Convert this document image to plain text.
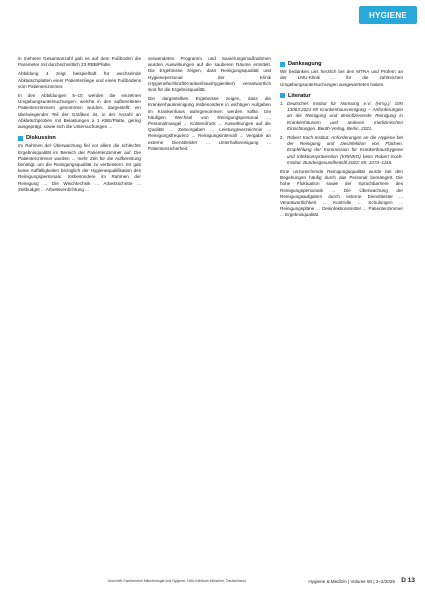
HYGIENE

in mehrere Gesamtanzahl gab es auf dem Fußboden die Parameter mit durchschnittlich 23 RBB/Platte.

Abbildung 4 zeigt beispielhaft für wechselnde Abklatschplatten einer Patientenliege und eines Fußbodens vom Patientenzimmer.

In den Abbildungen 5–10 werden die einzelnen Umgebungsuntersuchungen, welche in den aufbereiteten Patientenzimmern genommen wurden, dargestellt: ein überwiegender Teil der Grafiken ist, in der Anzahl an Abklatschproben mit Belastungen ≥ 1 KBE/Platte, gering ausgeprägt, sowie sich die Untersuchungen ...

Diskussion

Im Rahmen der Überwachung fiel vor allem die schlechte Ergebnisqualität im Bereich der Patientenzimmer auf. Die Patientenzimmer wurden ... mehr Zeit für die Aufbereitung benötigt, um die Reinigungsqualität zu verbessern. Es gab keine Auffälligkeiten bezüglich der Hygienequalifikation des Reinigungspersonals. Insbesondere im Rahmen der Reinigung ... Die Wischtechnik ... Arbeitsschritte ... Zeitbudget ... Arbeitsverdichtung ...

verwendeten Programm und Sanierungsmaßnahmen wurden Auswirkungen auf die sauberen Räume ermittelt. Die Ergebnisse zeigen, dass Reinigungsqualität und Hygienepersonal der Klinik (Hygienefachkraft/Krankenhaushygieniker) verantwortlich sind für die Ergebnisqualität.

Die dargestellten Ergebnisse zeigen, dass die Krankenhausreinigung insbesondere in wichtigen Aufgaben im Krankenhaus wahrgenommen werden sollte. Die häufigen Wechsel von Reinigungspersonal ... Personalmangel ... Kostendruck ... Auswirkungen auf die Qualität ... Zeitvorgaben ... Leistungsverzeichnis ... Reinigungsfrequenz ... Reinigungsintervall ... Vergabe an externe Dienstleister ... Unterhaltsreinigung ... Patientensicherheit.

Danksagung

Wir bedanken uns herzlich bei den MTRA und Prüfern an der LMU-Klinik ... für die zahlreichen Umgebungsuntersuchungen ausgewerteten haben.

Literatur
1. Deutsches Institut für Normung e.V. (Hrsg.): DIN 13063:2021-09 Krankenhausreinigung – Anforderungen an die Reinigung und desinfizierende Reinigung in Krankenhäusern und anderen medizinischen Einrichtungen. Beuth-Verlag, Berlin, 2021.
2. Robert Koch-Institut: Anforderungen an die Hygiene bei der Reinigung und Desinfektion von Flächen. Empfehlung der Kommission für Krankenhaushygiene und Infektionsprävention (KRINKO) beim Robert Koch-Institut. Bundesgesundheitsbl 2022; 65: 1074–1115.

Eine unzureichende Reinigungsqualität wurde bei den Begehungen häufig durch das Personal bemängelt. Die hohe Fluktuation sowie der Sprachbarriere des Reinigungspersonals ... Die Überwachung der Reinigungsaufgaben durch externe Dienstleister ... Verantwortlichkeit ... Kontrolle ... Schulungen ... Reinigungspläne ... Desinfektionsmittel ... Patientenzimmer ... Ergebnisqualität.

Anschrift: Fachbereich Mikrobiologie und Hygiene, LMU-Klinikum München, Deutschland	Hygiene & Medizin | Volume 50 | 1–2/2025 D 13
